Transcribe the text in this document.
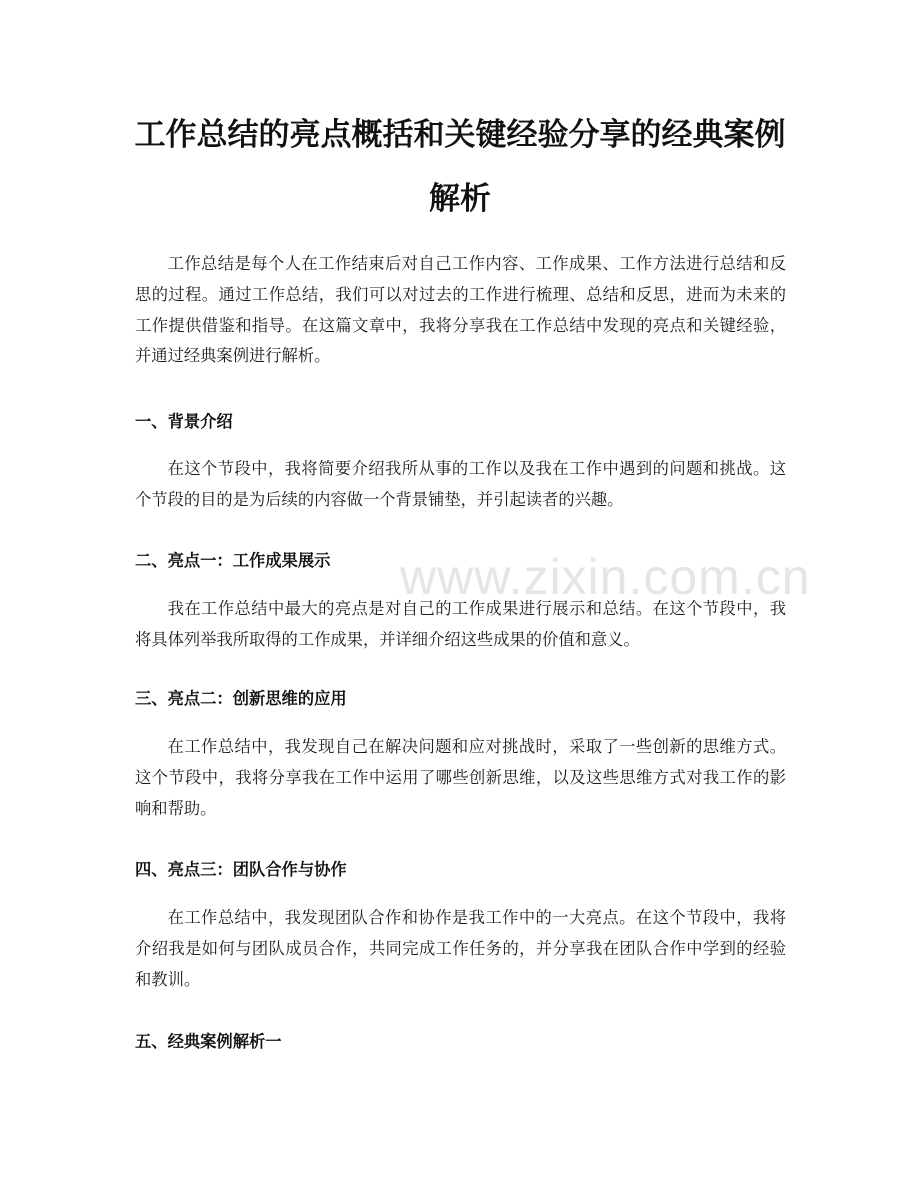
工作总结的亮点概括和关键经验分享的经典案例解析

工作总结是每个人在工作结束后对自己工作内容、工作成果、工作方法进行总结和反思的过程。通过工作总结，我们可以对过去的工作进行梳理、总结和反思，进而为未来的工作提供借鉴和指导。在这篇文章中，我将分享我在工作总结中发现的亮点和关键经验，并通过经典案例进行解析。

一、背景介绍

在这个节段中，我将简要介绍我所从事的工作以及我在工作中遇到的问题和挑战。这个节段的目的是为后续的内容做一个背景铺垫，并引起读者的兴趣。

二、亮点一：工作成果展示

我在工作总结中最大的亮点是对自己的工作成果进行展示和总结。在这个节段中，我将具体列举我所取得的工作成果，并详细介绍这些成果的价值和意义。

三、亮点二：创新思维的应用

在工作总结中，我发现自己在解决问题和应对挑战时，采取了一些创新的思维方式。这个节段中，我将分享我在工作中运用了哪些创新思维，以及这些思维方式对我工作的影响和帮助。

四、亮点三：团队合作与协作

在工作总结中，我发现团队合作和协作是我工作中的一大亮点。在这个节段中，我将介绍我是如何与团队成员合作，共同完成工作任务的，并分享我在团队合作中学到的经验和教训。

五、经典案例解析一
www.zixin.com.cn
